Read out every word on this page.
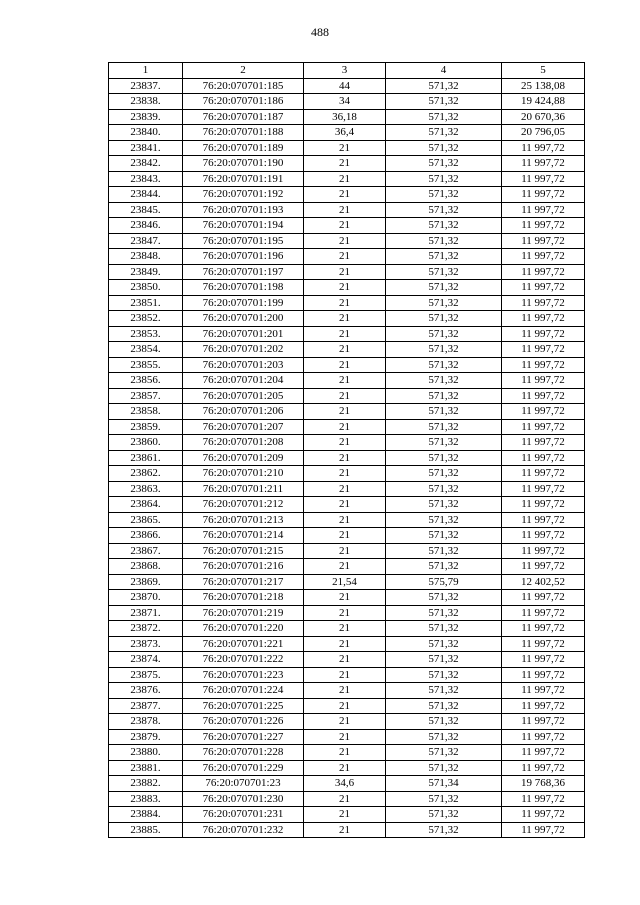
488
1	2	3	4	5
23837.	76:20:070701:185	44	571,32	25 138,08
23838.	76:20:070701:186	34	571,32	19 424,88
23839.	76:20:070701:187	36,18	571,32	20 670,36
23840.	76:20:070701:188	36,4	571,32	20 796,05
23841.	76:20:070701:189	21	571,32	11 997,72
23842.	76:20:070701:190	21	571,32	11 997,72
23843.	76:20:070701:191	21	571,32	11 997,72
23844.	76:20:070701:192	21	571,32	11 997,72
23845.	76:20:070701:193	21	571,32	11 997,72
23846.	76:20:070701:194	21	571,32	11 997,72
23847.	76:20:070701:195	21	571,32	11 997,72
23848.	76:20:070701:196	21	571,32	11 997,72
23849.	76:20:070701:197	21	571,32	11 997,72
23850.	76:20:070701:198	21	571,32	11 997,72
23851.	76:20:070701:199	21	571,32	11 997,72
23852.	76:20:070701:200	21	571,32	11 997,72
23853.	76:20:070701:201	21	571,32	11 997,72
23854.	76:20:070701:202	21	571,32	11 997,72
23855.	76:20:070701:203	21	571,32	11 997,72
23856.	76:20:070701:204	21	571,32	11 997,72
23857.	76:20:070701:205	21	571,32	11 997,72
23858.	76:20:070701:206	21	571,32	11 997,72
23859.	76:20:070701:207	21	571,32	11 997,72
23860.	76:20:070701:208	21	571,32	11 997,72
23861.	76:20:070701:209	21	571,32	11 997,72
23862.	76:20:070701:210	21	571,32	11 997,72
23863.	76:20:070701:211	21	571,32	11 997,72
23864.	76:20:070701:212	21	571,32	11 997,72
23865.	76:20:070701:213	21	571,32	11 997,72
23866.	76:20:070701:214	21	571,32	11 997,72
23867.	76:20:070701:215	21	571,32	11 997,72
23868.	76:20:070701:216	21	571,32	11 997,72
23869.	76:20:070701:217	21,54	575,79	12 402,52
23870.	76:20:070701:218	21	571,32	11 997,72
23871.	76:20:070701:219	21	571,32	11 997,72
23872.	76:20:070701:220	21	571,32	11 997,72
23873.	76:20:070701:221	21	571,32	11 997,72
23874.	76:20:070701:222	21	571,32	11 997,72
23875.	76:20:070701:223	21	571,32	11 997,72
23876.	76:20:070701:224	21	571,32	11 997,72
23877.	76:20:070701:225	21	571,32	11 997,72
23878.	76:20:070701:226	21	571,32	11 997,72
23879.	76:20:070701:227	21	571,32	11 997,72
23880.	76:20:070701:228	21	571,32	11 997,72
23881.	76:20:070701:229	21	571,32	11 997,72
23882.	76:20:070701:23	34,6	571,34	19 768,36
23883.	76:20:070701:230	21	571,32	11 997,72
23884.	76:20:070701:231	21	571,32	11 997,72
23885.	76:20:070701:232	21	571,32	11 997,72
